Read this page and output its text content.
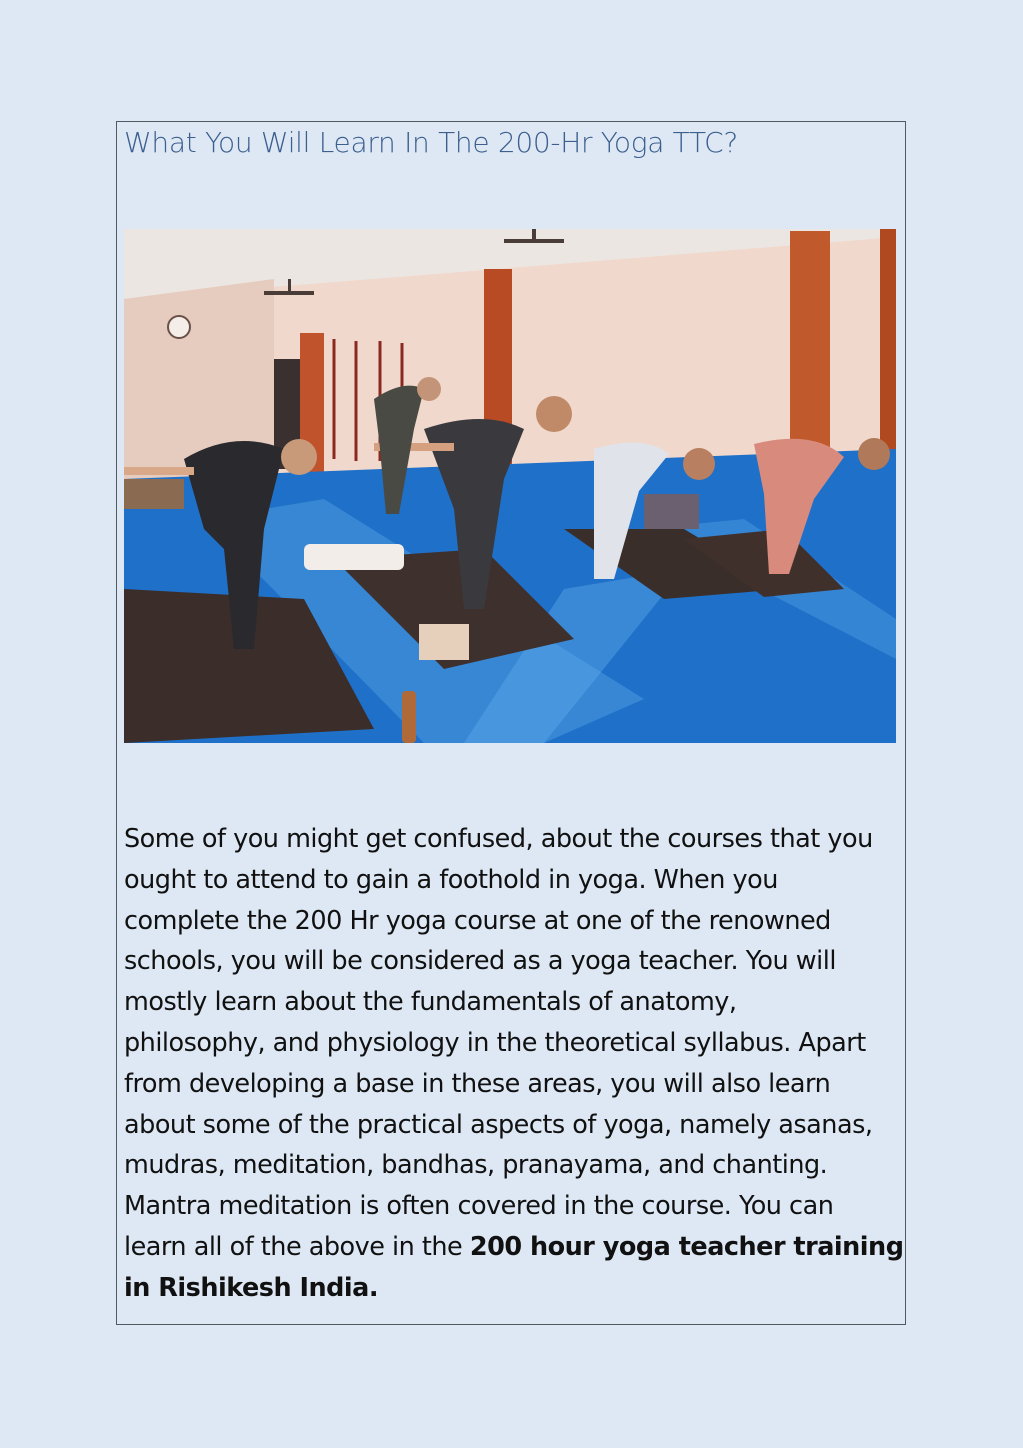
What You Will Learn In The 200-Hr Yoga TTC?
Some of you might get confused, about the courses that you
ought to attend to gain a foothold in yoga. When you
complete the 200 Hr yoga course at one of the renowned
schools, you will be considered as a yoga teacher. You will
mostly learn about the fundamentals of anatomy,
philosophy, and physiology in the theoretical syllabus. Apart
from developing a base in these areas, you will also learn
about some of the practical aspects of yoga, namely asanas,
mudras, meditation, bandhas, pranayama, and chanting.
Mantra meditation is often covered in the course. You can
learn all of the above in the 200 hour yoga teacher training
in Rishikesh India.
